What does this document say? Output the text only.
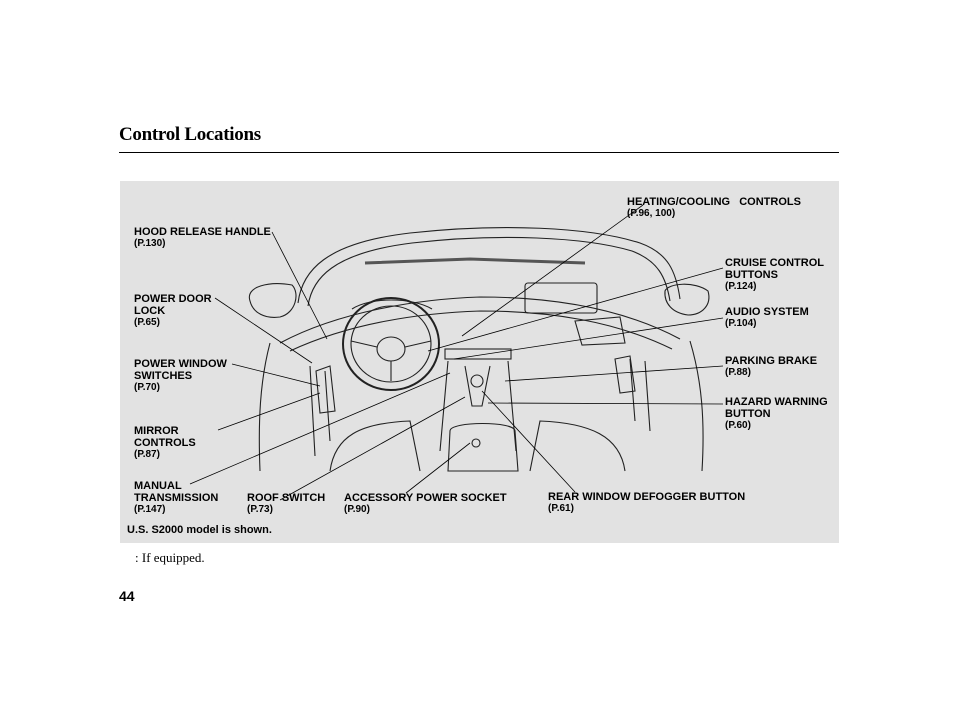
Control Locations
HOOD RELEASE HANDLE
(P.130)
POWER DOOR
LOCK
(P.65)
POWER WINDOW
SWITCHES
(P.70)
MIRROR
CONTROLS
(P.87)
MANUAL
TRANSMISSION
(P.147)
ROOF SWITCH
(P.73)
ACCESSORY POWER SOCKET
(P.90)
REAR WINDOW DEFOGGER BUTTON
(P.61)
HEATING/COOLING   CONTROLS
(P.96, 100)
CRUISE CONTROL
BUTTONS
(P.124)
AUDIO SYSTEM
(P.104)
PARKING BRAKE
(P.88)
HAZARD WARNING
BUTTON
(P.60)
U.S. S2000 model is shown.
: If equipped.
44
